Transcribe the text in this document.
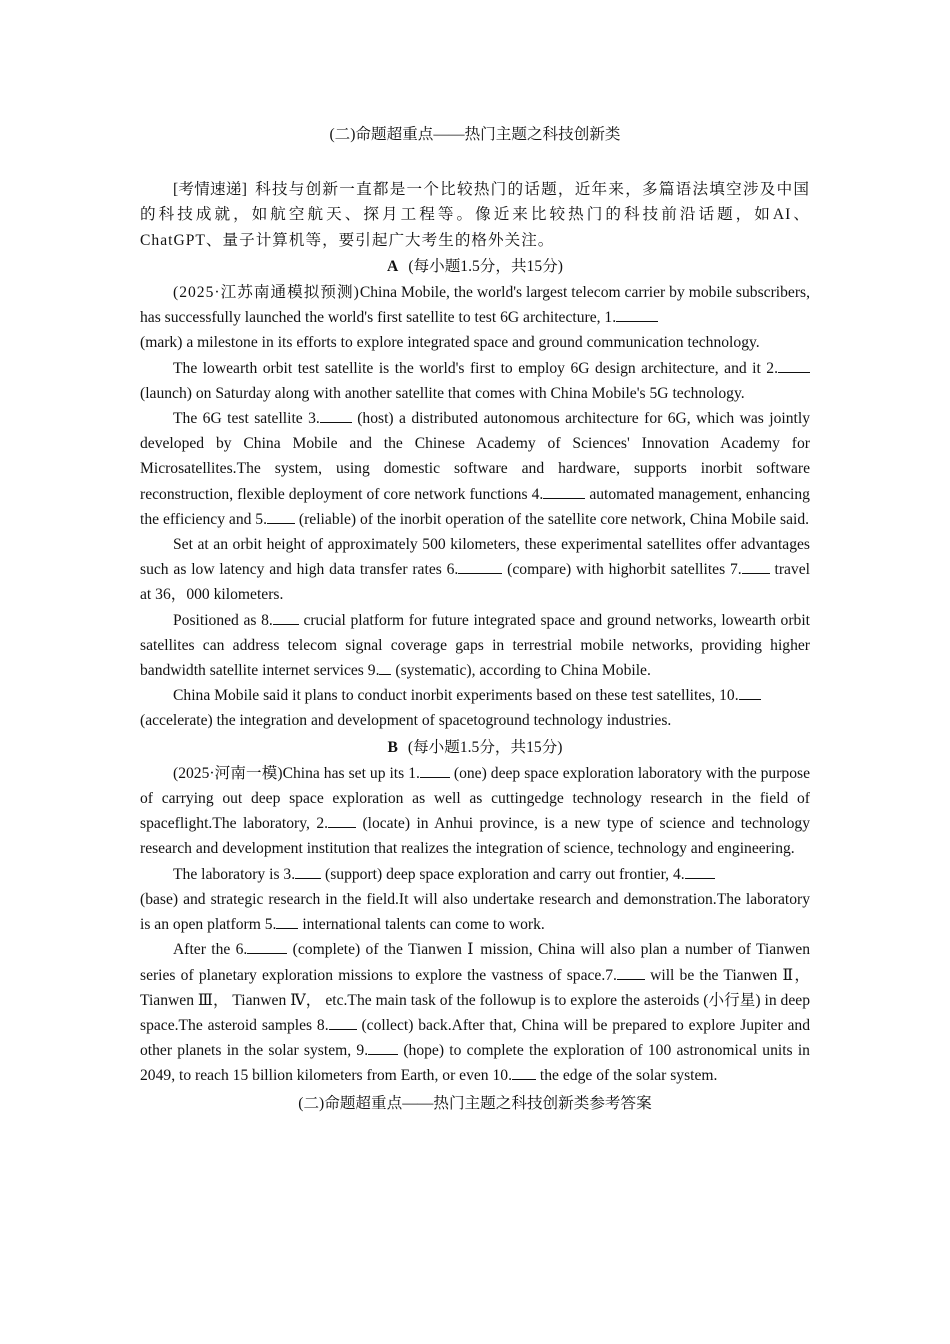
(二)命题超重点——热门主题之科技创新类

[考情速递] 科技与创新一直都是一个比较热门的话题，近年来，多篇语法填空涉及中国的科技成就，如航空航天、探月工程等。像近来比较热门的科技前沿话题，如AI、ChatGPT、量子计算机等，要引起广大考生的格外关注。

A (每小题1.5分，共15分)

(2025·江苏南通模拟预测)China Mobile, the world's largest telecom carrier by mobile subscribers, has successfully launched the world's first satellite to test 6G architecture, 1.
(mark) a milestone in its efforts to explore integrated space and ground communication technology.

The lowearth orbit test satellite is the world's first to employ 6G design architecture, and it 2. (launch) on Saturday along with another satellite that comes with China Mobile's 5G technology.

The 6G test satellite 3. (host) a distributed autonomous architecture for 6G, which was jointly developed by China Mobile and the Chinese Academy of Sciences' Innovation Academy for Microsatellites.The system, using domestic software and hardware, supports inorbit software reconstruction, flexible deployment of core network functions 4.	automated management, enhancing the efficiency and 5. (reliable) of the inorbit operation of the satellite core network, China Mobile said.

Set at an orbit height of approximately 500 kilometers, these experimental satellites offer advantages such as low latency and high data transfer rates 6.	(compare) with highorbit satellites 7. travel at 36，000 kilometers.

Positioned as 8. crucial platform for future integrated space and ground networks, lowearth orbit satellites can address telecom signal coverage gaps in terrestrial mobile networks, providing higher bandwidth satellite internet services 9. (systematic), according to China Mobile.

China Mobile said it plans to conduct inorbit experiments based on these test satellites, 10.
(accelerate) the integration and development of spacetoground technology industries.

B (每小题1.5分，共15分)

(2025·河南一模)China has set up its 1. (one) deep space exploration laboratory with the purpose of carrying out deep space exploration as well as cuttingedge technology research in the field of spaceflight.The laboratory, 2. (locate) in Anhui province, is a new type of science and technology research and development institution that realizes the integration of science, technology and engineering.

The laboratory is 3. (support) deep space exploration and carry out frontier, 4.
(base) and strategic research in the field.It will also undertake research and demonstration.The laboratory is an open platform 5. international talents can come to work.

After the 6.	(complete) of the Tianwen Ⅰ mission, China will also plan a number of Tianwen series of planetary exploration missions to explore the vastness of space.7. will be the Tianwen Ⅱ， Tianwen Ⅲ， Tianwen Ⅳ， etc.The main task of the followup is to explore the asteroids (小行星) in deep space.The asteroid samples 8. (collect) back.After that, China will be prepared to explore Jupiter and other planets in the solar system, 9. (hope) to complete the exploration of 100 astronomical units in 2049, to reach 15 billion kilometers from Earth, or even 10. the edge of the solar system.

(二)命题超重点——热门主题之科技创新类参考答案
